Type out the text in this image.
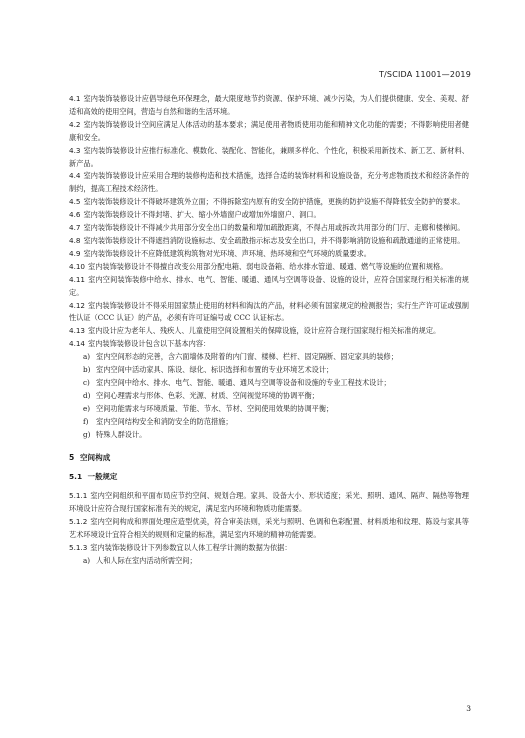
T/SCIDA 11001—2019

4.1 室内装饰装修设计应倡导绿色环保理念，最大限度地节约资源、保护环境、减少污染，为人们提供健康、安全、美观、舒适和高效的使用空间，营造与自然和谐的生活环境。

4.2 室内装饰装修设计空间应满足人体活动的基本要求；满足使用者物质使用功能和精神文化功能的需要；不得影响使用者健康和安全。

4.3 室内装饰装修设计应推行标准化、模数化、装配化、智能化，兼顾多样化、个性化，积极采用新技术、新工艺、新材料、新产品。

4.4 室内装饰装修设计应采用合理的装修构造和技术措施，选择合适的装饰材料和设施设备，充分考虑物质技术和经济条件的制约，提高工程技术经济性。

4.5 室内装饰装修设计不得破坏建筑外立面；不得拆除室内原有的安全防护措施，更换的防护设施不得降低安全防护的要求。

4.6 室内装饰装修设计不得封堵、扩大、缩小外墙窗户或增加外墙窗户、洞口。

4.7 室内装饰装修设计不得减少共用部分安全出口的数量和增加疏散距离，不得占用或拆改共用部分的门厅、走廊和楼梯间。

4.8 室内装饰装修设计不得遮挡消防设施标志、安全疏散指示标志及安全出口，并不得影响消防设施和疏散通道的正常使用。

4.9 室内装饰装修设计不应降低建筑构筑物对光环境、声环境、热环境和空气环境的质量要求。

4.10 室内装饰装修设计不得擅自改变公用部分配电箱、弱电设备箱、给水排水管道、暖通、燃气等设施的位置和规格。

4.11 室内空间装饰装修中给水、排水、电气、智能、暖通、通风与空调等设备、设施的设计，应符合国家现行相关标准的规定。

4.12 室内装饰装修设计不得采用国家禁止使用的材料和淘汰的产品，材料必须有国家规定的检测报告；实行生产许可证或强制性认证（CCC 认证）的产品，必须有许可证编号或 CCC 认证标志。

4.13 室内设计应为老年人、残疾人、儿童使用空间设置相关的保障设施，设计应符合现行国家现行相关标准的规定。

4.14 室内装饰装修设计包含以下基本内容：

a) 室内空间形态的完善，含六面墙体及附着的内门窗、楼梯、栏杆、固定隔断、固定家具的装修；

b) 室内空间中活动家具、陈设、绿化、标识选择和布置的专业环境艺术设计；

c) 室内空间中给水、排水、电气、智能、暖通、通风与空调等设备和设施的专业工程技术设计；

d) 空间心理需求与形体、色彩、光源、材质、空间视觉环境的协调平衡；

e) 空间功能需求与环境质量、节能、节水、节材、空间使用效果的协调平衡；

f) 室内空间结构安全和消防安全的防范措施；

g) 特殊人群设计。

5 空间构成

5.1 一般规定

5.1.1 室内空间组织和平面布局应节约空间、规划合理。家具、设备大小、形状适度；采光、照明、通风、隔声、隔热等物理环境设计应符合现行国家标准有关的规定，满足室内环境和物质功能需要。

5.1.2 室内空间构成和界面处理应造型优美，符合审美法则，采光与照明、色调和色彩配置、材料质地和纹理、陈设与家具等艺术环境设计宜符合相关的规则和定量的标准，满足室内环境的精神功能需要。

5.1.3 室内装饰装修设计下列参数宜以人体工程学计测的数据为依据：

a) 人和人际在室内活动所需空间；

3
